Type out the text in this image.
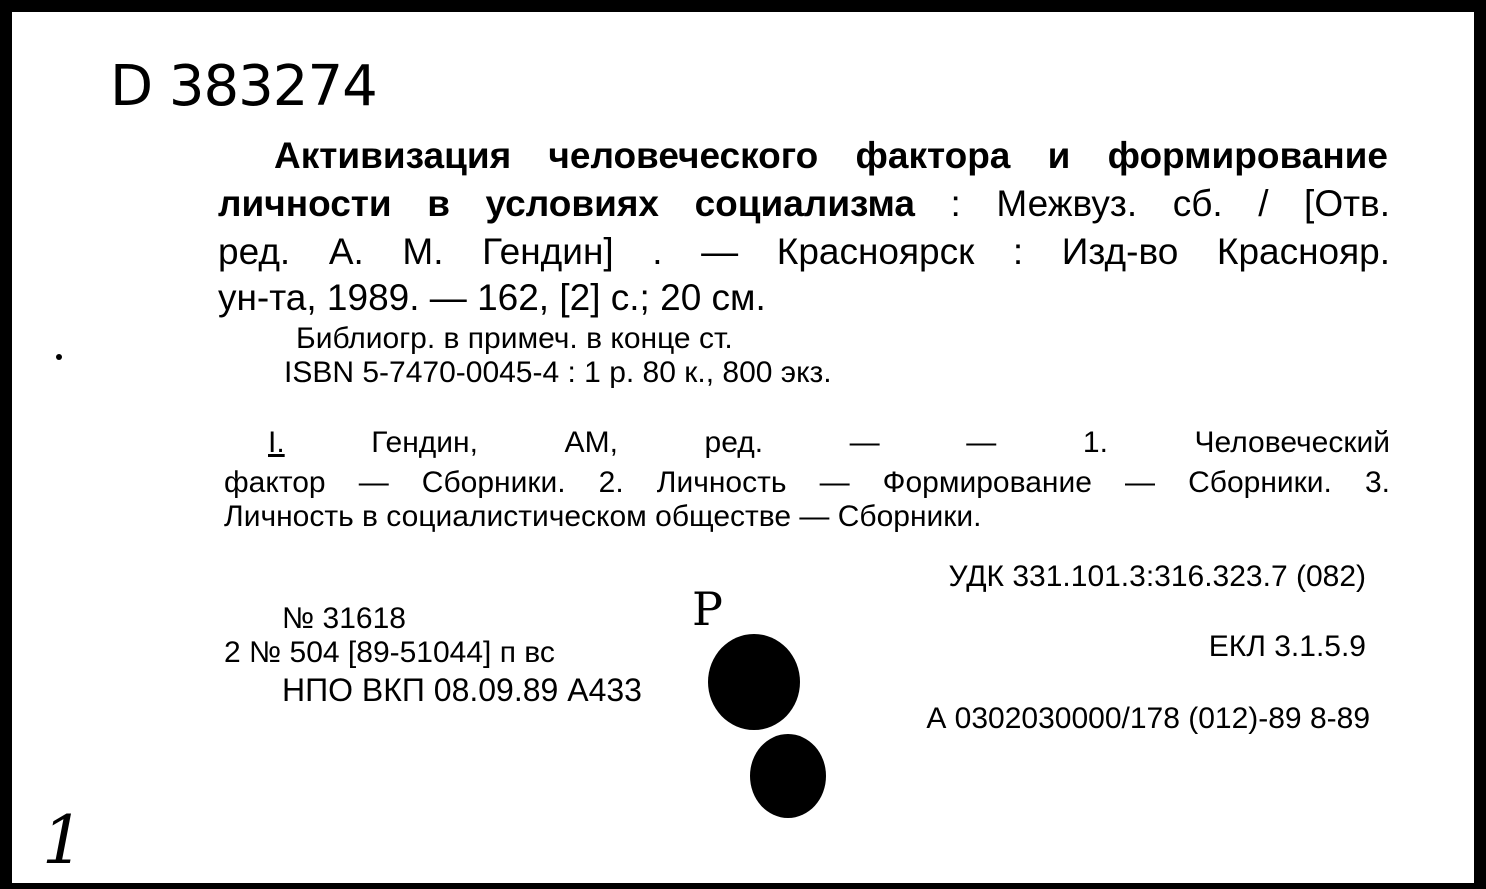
D 383274
Активизация человеческого фактора и формирование
личности в условиях социализма : Межвуз. сб. / [Отв.
ред. А. М. Гендин] . — Красноярск : Изд-во Краснояр.
ун-та, 1989. — 162, [2] с.; 20 см.
Библиогр. в примеч. в конце ст.
ISBN 5-7470-0045-4 : 1 р. 80 к., 800 экз.
I. Гендин, АМ, ред. — — 1. Человеческий
фактор — Сборники. 2. Личность — Формирование — Сборники. 3.
Личность в социалистическом обществе — Сборники.
УДК 331.101.3:316.323.7 (082)
ЕКЛ 3.1.5.9
А 0302030000/178 (012)-89 8-89
№ 31618
2 № 504 [89-51044] п вс
НПО ВКП 08.09.89 А433
Р
1
